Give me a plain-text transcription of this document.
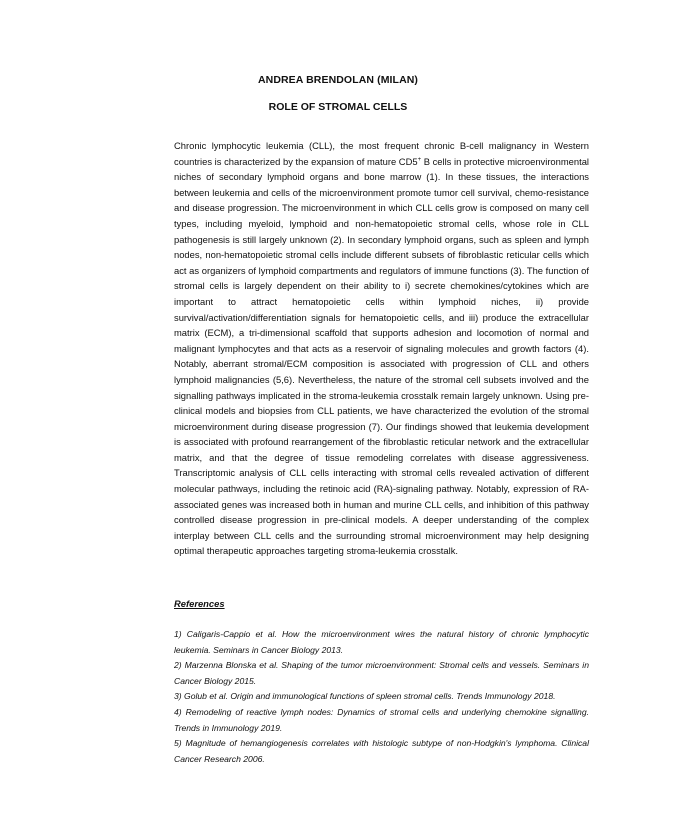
ANDREA BRENDOLAN (MILAN)
ROLE OF STROMAL CELLS

Chronic lymphocytic leukemia (CLL), the most frequent chronic B-cell malignancy in Western countries is characterized by the expansion of mature CD5+ B cells in protective microenvironmental niches of secondary lymphoid organs and bone marrow (1). In these tissues, the interactions between leukemia and cells of the microenvironment promote tumor cell survival, chemo-resistance and disease progression. The microenvironment in which CLL cells grow is composed on many cell types, including myeloid, lymphoid and non-hematopoietic stromal cells, whose role in CLL pathogenesis is still largely unknown (2). In secondary lymphoid organs, such as spleen and lymph nodes, non-hematopoietic stromal cells include different subsets of fibroblastic reticular cells which act as organizers of lymphoid compartments and regulators of immune functions (3). The function of stromal cells is largely dependent on their ability to i) secrete chemokines/cytokines which are important to attract hematopoietic cells within lymphoid niches, ii) provide survival/activation/differentiation signals for hematopoietic cells, and iii) produce the extracellular matrix (ECM), a tri-dimensional scaffold that supports adhesion and locomotion of normal and malignant lymphocytes and that acts as a reservoir of signaling molecules and growth factors (4). Notably, aberrant stromal/ECM composition is associated with progression of CLL and others lymphoid malignancies (5,6). Nevertheless, the nature of the stromal cell subsets involved and the signalling pathways implicated in the stroma-leukemia crosstalk remain largely unknown. Using pre-clinical models and biopsies from CLL patients, we have characterized the evolution of the stromal microenvironment during disease progression (7). Our findings showed that leukemia development is associated with profound rearrangement of the fibroblastic reticular network and the extracellular matrix, and that the degree of tissue remodeling correlates with disease aggressiveness. Transcriptomic analysis of CLL cells interacting with stromal cells revealed activation of different molecular pathways, including the retinoic acid (RA)-signaling pathway. Notably, expression of RA-associated genes was increased both in human and murine CLL cells, and inhibition of this pathway controlled disease progression in pre-clinical models. A deeper understanding of the complex interplay between CLL cells and the surrounding stromal microenvironment may help designing optimal therapeutic approaches targeting stroma-leukemia crosstalk.

References
1) Caligaris-Cappio et al. How the microenvironment wires the natural history of chronic lymphocytic leukemia. Seminars in Cancer Biology 2013.
2) Marzenna Blonska et al. Shaping of the tumor microenvironment: Stromal cells and vessels. Seminars in Cancer Biology 2015.
3) Golub et al. Origin and immunological functions of spleen stromal cells. Trends Immunology 2018.
4) Remodeling of reactive lymph nodes: Dynamics of stromal cells and underlying chemokine signalling. Trends in Immunology 2019.
5) Magnitude of hemangiogenesis correlates with histologic subtype of non-Hodgkin's lymphoma. Clinical Cancer Research 2006.
